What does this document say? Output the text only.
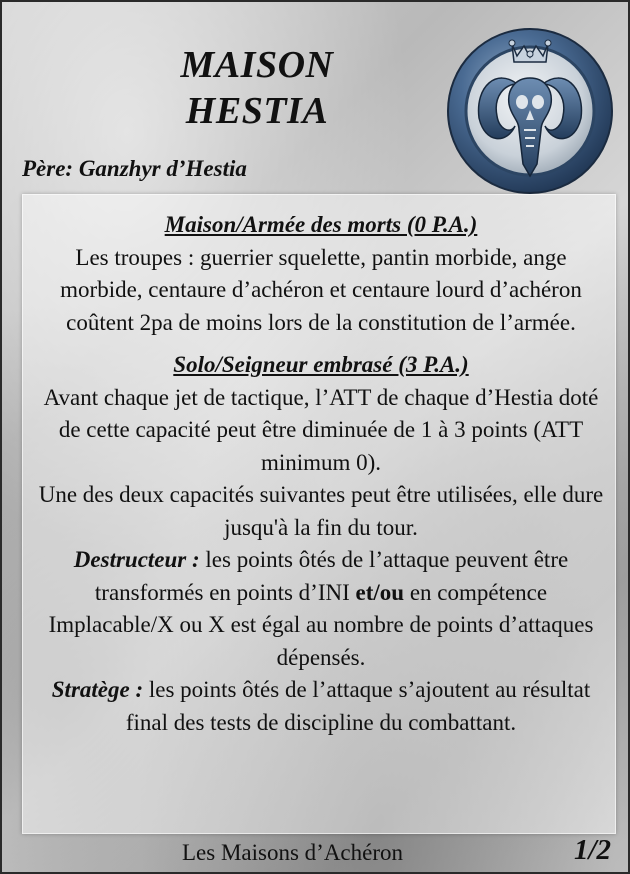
MAISON
HESTIA
Père: Ganzhyr d’Hestia

Maison/Armée des morts (0 P.A.)

Les troupes : guerrier squelette, pantin morbide, ange morbide, centaure d’achéron et centaure lourd d’achéron coûtent 2pa de moins lors de la constitution de l’armée.

Solo/Seigneur embrasé (3 P.A.)

Avant chaque jet de tactique, l’ATT de chaque d’Hestia doté de cette capacité peut être diminuée de 1 à 3 points (ATT minimum 0).

Une des deux capacités suivantes peut être utilisées, elle dure jusqu'à la fin du tour.

Destructeur : les points ôtés de l’attaque peuvent être transformés en points d’INI et/ou en compétence Implacable/X ou X est égal au nombre de points d’attaques dépensés.

Stratège : les points ôtés de l’attaque s’ajoutent au résultat final des tests de discipline du combattant.

Les Maisons d’Achéron	1/2
